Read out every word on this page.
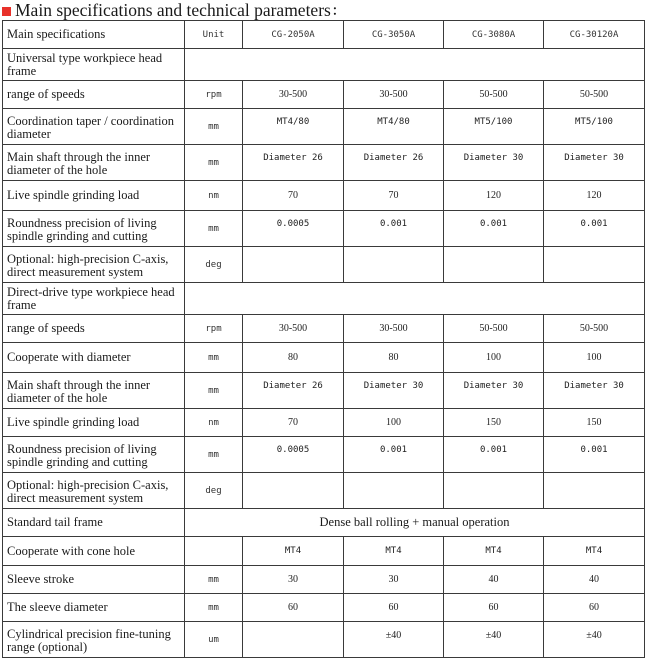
Main specifications and technical parameters ：
Main specifications	Unit	CG-2050A	CG-3050A	CG-3080A	CG-30120A
Universal type workpiece head frame					
range of speeds	rpm	30-500	30-500	50-500	50-500
Coordination taper / coordination diameter	mm	MT4/80	MT4/80	MT5/100	MT5/100
Main shaft through the inner diameter of the hole	mm	Diameter 26	Diameter 26	Diameter 30	Diameter 30
Live spindle grinding load	nm	70	70	120	120
Roundness precision of living spindle grinding and cutting	mm	0.0005	0.001	0.001	0.001
Optional: high-precision C-axis, direct measurement system	deg				
Direct-drive type workpiece head frame					
range of speeds	rpm	30-500	30-500	50-500	50-500
Cooperate with diameter	mm	80	80	100	100
Main shaft through the inner diameter of the hole	mm	Diameter 26	Diameter 30	Diameter 30	Diameter 30
Live spindle grinding load	nm	70	100	150	150
Roundness precision of living spindle grinding and cutting	mm	0.0005	0.001	0.001	0.001
Optional: high-precision C-axis, direct measurement system	deg				
Standard tail frame	Dense ball rolling + manual operation				
Cooperate with cone hole		MT4	MT4	MT4	MT4
Sleeve stroke	mm	30	30	40	40
The sleeve diameter	mm	60	60	60	60
Cylindrical precision fine-tuning range (optional)	um		±40	±40	±40
